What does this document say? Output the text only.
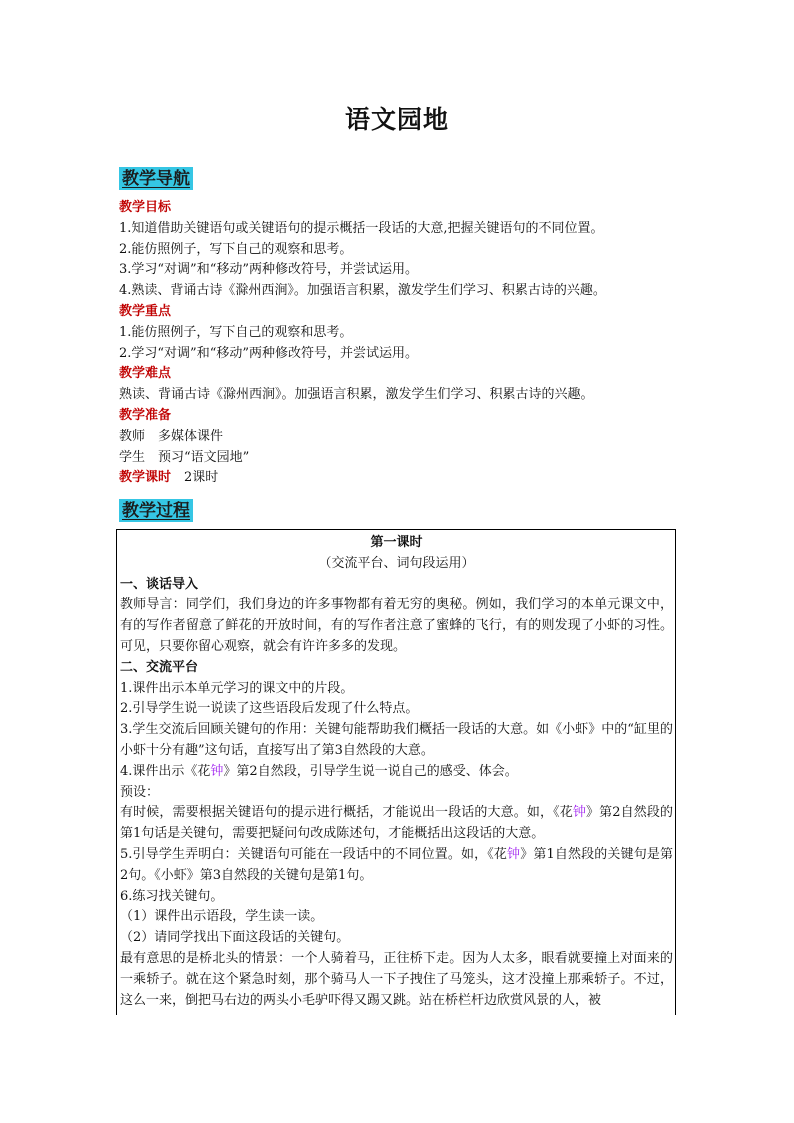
语文园地
教学导航
教学目标
1.知道借助关键语句或关键语句的提示概括一段话的大意,把握关键语句的不同位置。
2.能仿照例子，写下自己的观察和思考。
3.学习“对调”和“移动”两种修改符号，并尝试运用。
4.熟读、背诵古诗《滁州西涧》。加强语言积累，激发学生们学习、积累古诗的兴趣。
教学重点
1.能仿照例子，写下自己的观察和思考。
2.学习“对调”和“移动”两种修改符号，并尝试运用。
教学难点
熟读、背诵古诗《滁州西涧》。加强语言积累，激发学生们学习、积累古诗的兴趣。
教学准备
教师　多媒体课件
学生　预习“语文园地”
教学课时　2课时
教学过程
第一课时
（交流平台、词句段运用）
一、谈话导入
教师导言：同学们，我们身边的许多事物都有着无穷的奥秘。例如，我们学习的本单元课文中，有的写作者留意了鲜花的开放时间，有的写作者注意了蜜蜂的飞行，有的则发现了小虾的习性。可见，只要你留心观察，就会有许许多多的发现。
二、交流平台
1.课件出示本单元学习的课文中的片段。
2.引导学生说一说读了这些语段后发现了什么特点。
3.学生交流后回顾关键句的作用：关键句能帮助我们概括一段话的大意。如《小虾》中的“缸里的小虾十分有趣”这句话，直接写出了第3自然段的大意。
4.课件出示《花钟》第2自然段，引导学生说一说自己的感受、体会。
预设：
有时候，需要根据关键语句的提示进行概括，才能说出一段话的大意。如，《花钟》第2自然段的第1句话是关键句，需要把疑问句改成陈述句，才能概括出这段话的大意。
5.引导学生弄明白：关键语句可能在一段话中的不同位置。如，《花钟》第1自然段的关键句是第2句。《小虾》第3自然段的关键句是第1句。
6.练习找关键句。
（1）课件出示语段，学生读一读。
（2）请同学找出下面这段话的关键句。
最有意思的是桥北头的情景：一个人骑着马，正往桥下走。因为人太多，眼看就要撞上对面来的一乘轿子。就在这个紧急时刻，那个骑马人一下子拽住了马笼头，这才没撞上那乘轿子。不过，这么一来，倒把马右边的两头小毛驴吓得又踢又跳。站在桥栏杆边欣赏风景的人，被
